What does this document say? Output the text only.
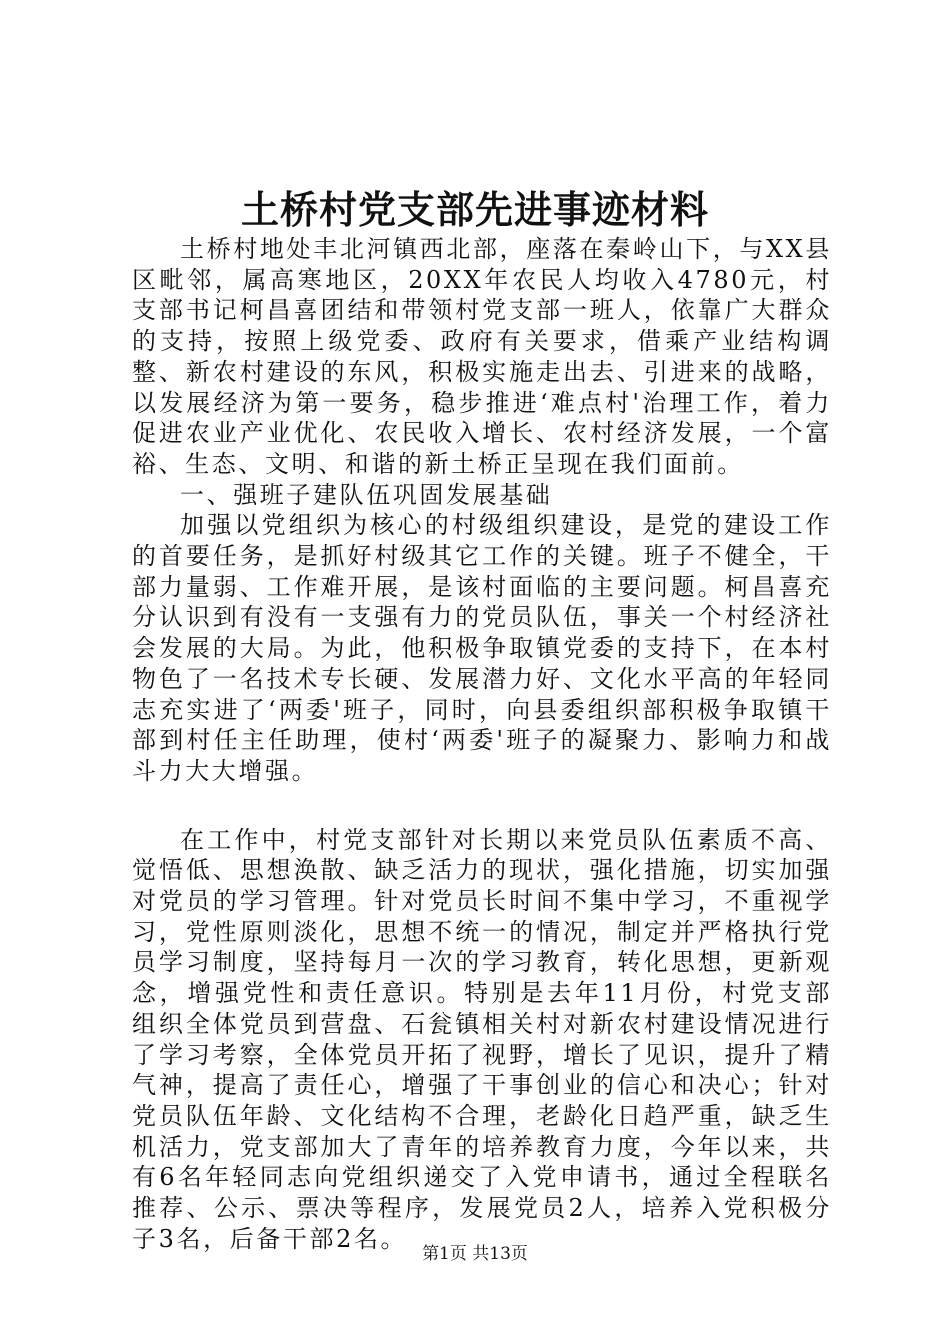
土桥村党支部先进事迹材料

土桥村地处丰北河镇西北部，座落在秦岭山下，与XX县区毗邻，属高寒地区，20XX年农民人均收入4780元，村支部书记柯昌喜团结和带领村党支部一班人，依靠广大群众的支持，按照上级党委、政府有关要求，借乘产业结构调整、新农村建设的东风，积极实施走出去、引进来的战略，以发展经济为第一要务，稳步推进‘难点村'治理工作，着力促进农业产业优化、农民收入增长、农村经济发展，一个富裕、生态、文明、和谐的新土桥正呈现在我们面前。

一、强班子建队伍巩固发展基础

加强以党组织为核心的村级组织建设，是党的建设工作的首要任务，是抓好村级其它工作的关键。班子不健全，干部力量弱、工作难开展，是该村面临的主要问题。柯昌喜充分认识到有没有一支强有力的党员队伍，事关一个村经济社会发展的大局。为此，他积极争取镇党委的支持下，在本村物色了一名技术专长硬、发展潜力好、文化水平高的年轻同志充实进了‘两委'班子，同时，向县委组织部积极争取镇干部到村任主任助理，使村‘两委'班子的凝聚力、影响力和战斗力大大增强。

在工作中，村党支部针对长期以来党员队伍素质不高、觉悟低、思想涣散、缺乏活力的现状，强化措施，切实加强对党员的学习管理。针对党员长时间不集中学习，不重视学习，党性原则淡化，思想不统一的情况，制定并严格执行党员学习制度，坚持每月一次的学习教育，转化思想，更新观念，增强党性和责任意识。特别是去年11月份，村党支部组织全体党员到营盘、石瓮镇相关村对新农村建设情况进行了学习考察，全体党员开拓了视野，增长了见识，提升了精气神，提高了责任心，增强了干事创业的信心和决心；针对党员队伍年龄、文化结构不合理，老龄化日趋严重，缺乏生机活力，党支部加大了青年的培养教育力度，今年以来，共有6名年轻同志向党组织递交了入党申请书，通过全程联名推荐、公示、票决等程序，发展党员2人，培养入党积极分子3名，后备干部2名。

第1页 共13页
